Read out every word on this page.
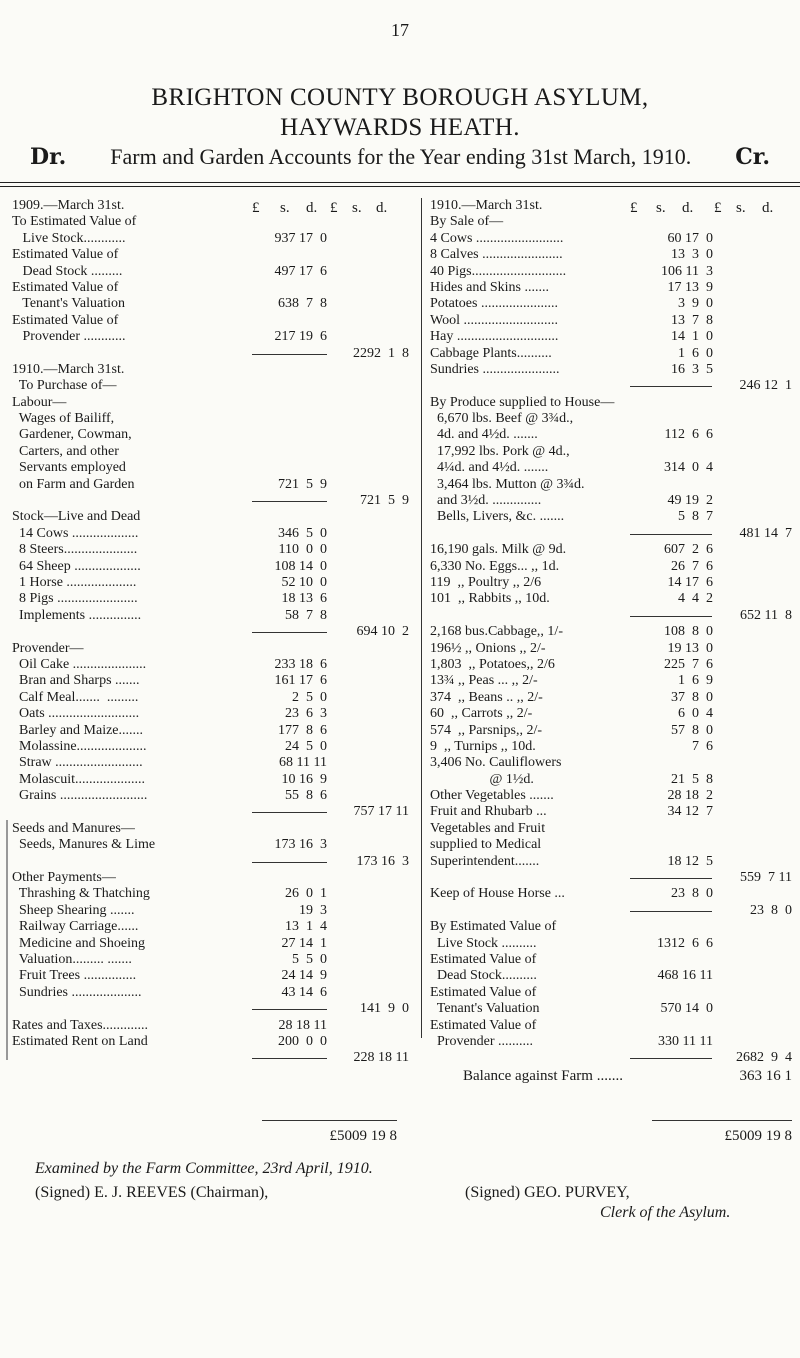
17
BRIGHTON COUNTY BOROUGH ASYLUM,
HAYWARDS HEATH.
Dr. Farm and Garden Accounts for the Year ending 31st March, 1910. Cr.
£ s. d. £ s. d.
1909.—March 31st.
To Estimated Value of
Live Stock............	937 17  0
Estimated Value of
Dead Stock .........	497 17  6
Estimated Value of
Tenant's Valuation	638  7  8
Estimated Value of
Provender ............	217 19  6
2292  1  8
1910.—March 31st.
To Purchase of—
Labour—
Wages of Bailiff,
Gardener, Cowman,
Carters, and other
Servants employed
on Farm and Garden	721  5  9
721  5  9
Stock—Live and Dead
14 Cows ...................	346  5  0
8 Steers.....................	110  0  0
64 Sheep ...................	108 14  0
1 Horse ....................	52 10  0
8 Pigs .......................	18 13  6
Implements ...............	58  7  8
694 10  2
Provender—
Oil Cake .....................	233 18  6
Bran and Sharps .......	161 17  6
Calf Meal.......  .........	2  5  0
Oats ..........................	23  6  3
Barley and Maize.......	177  8  6
Molassine....................	24  5  0
Straw .........................	68 11 11
Molascuit....................	10 16  9
Grains .........................	55  8  6
757 17 11
Seeds and Manures—
Seeds, Manures & Lime	173 16  3
173 16  3
Other Payments—
Thrashing & Thatching	26  0  1
Sheep Shearing .......	19  3
Railway Carriage......	13  1  4
Medicine and Shoeing	27 14  1
Valuation......... .......	5  5  0
Fruit Trees ...............	24 14  9
Sundries ....................	43 14  6
141  9  0
Rates and Taxes.............	28 18 11
Estimated Rent on Land	200  0  0
228 18 11
£ s. d. £ s. d.
1910.—March 31st.
By Sale of—
4 Cows .........................	60 17  0
8 Calves .......................	13  3  0
40 Pigs...........................	106 11  3
Hides and Skins .......	17 13  9
Potatoes ......................	3  9  0
Wool ...........................	13  7  8
Hay .............................	14  1  0
Cabbage Plants..........	1  6  0
Sundries ......................	16  3  5
246 12  1
By Produce supplied to House—
6,670 lbs. Beef @ 3¾d.,
4d. and 4½d. .......	112  6  6
17,992 lbs. Pork @ 4d.,
4¼d. and 4½d. .......	314  0  4
3,464 lbs. Mutton @ 3¾d.
and 3½d. ..............	49 19  2
Bells, Livers, &c. .......	5  8  7
481 14  7
16,190 gals. Milk @ 9d.	607  2  6
6,330 No. Eggs... ,, 1d.	26  7  6
119  ,, Poultry ,, 2/6	14 17  6
101  ,, Rabbits ,, 10d.	4  4  2
652 11  8
2,168 bus.Cabbage,, 1/-	108  8  0
196½ ,, Onions ,, 2/-	19 13  0
1,803  ,, Potatoes,, 2/6	225  7  6
13¾ ,, Peas ... ,, 2/-	1  6  9
374  ,, Beans .. ,, 2/-	37  8  0
60  ,, Carrots ,, 2/-	6  0  4
574  ,, Parsnips,, 2/-	57  8  0
9  ,, Turnips ,, 10d.	7  6
3,406 No. Cauliflowers
@ 1½d.	21  5  8
Other Vegetables .......	28 18  2
Fruit and Rhubarb ...	34 12  7
Vegetables and Fruit
supplied to Medical
Superintendent.......	18 12  5
559  7 11
Keep of House Horse ...	23  8  0
23  8  0
By Estimated Value of
Live Stock ..........	1312  6  6
Estimated Value of
Dead Stock..........	468 16 11
Estimated Value of
Tenant's Valuation	570 14  0
Estimated Value of
Provender ..........	330 11 11
2682  9  4
Balance against Farm .......	363 16 1
£5009 19 8	£5009 19 8
Examined by the Farm Committee, 23rd April, 1910.
(Signed) E. J. REEVES (Chairman),	(Signed) GEO. PURVEY,
Clerk of the Asylum.
